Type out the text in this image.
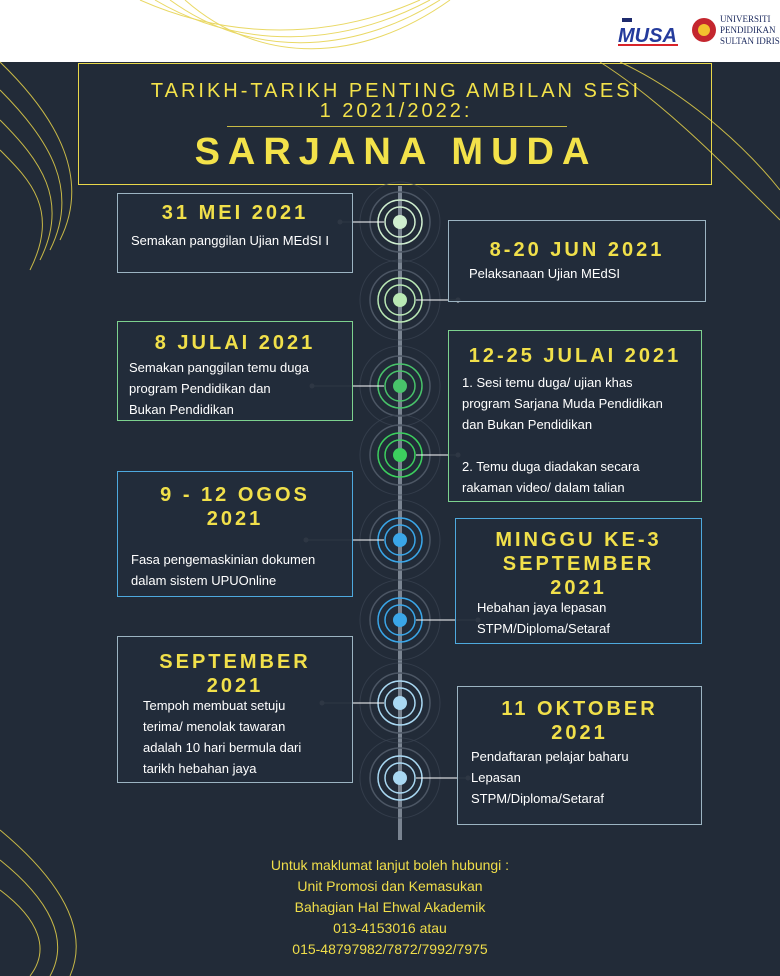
MUSA
UNIVERSITI
PENDIDIKAN
SULTAN IDRIS
TARIKH-TARIKH PENTING AMBILAN SESI
1 2021/2022:
SARJANA MUDA
31 MEI 2021
Semakan panggilan Ujian MEdSI I	8-20 JUN 2021
Pelaksanaan Ujian MEdSI
8 JULAI 2021
Semakan panggilan temu duga
program Pendidikan dan
Bukan Pendidikan
12-25 JULAI 2021
1. Sesi temu duga/ ujian khas
program Sarjana Muda Pendidikan
dan Bukan Pendidikan

2. Temu duga diadakan secara
rakaman video/ dalam talian
9 - 12 OGOS
2021
Fasa pengemaskinian dokumen
dalam sistem UPUOnline
MINGGU KE-3
SEPTEMBER
2021
Hebahan jaya lepasan
STPM/Diploma/Setaraf
SEPTEMBER
2021
Tempoh membuat setuju
terima/ menolak tawaran
adalah 10 hari bermula dari
tarikh hebahan jaya
11 OKTOBER
2021
Pendaftaran pelajar baharu
Lepasan
STPM/Diploma/Setaraf
Untuk maklumat lanjut boleh hubungi :
Unit Promosi dan Kemasukan
Bahagian Hal Ehwal Akademik
013-4153016 atau
015-48797982/7872/7992/7975
